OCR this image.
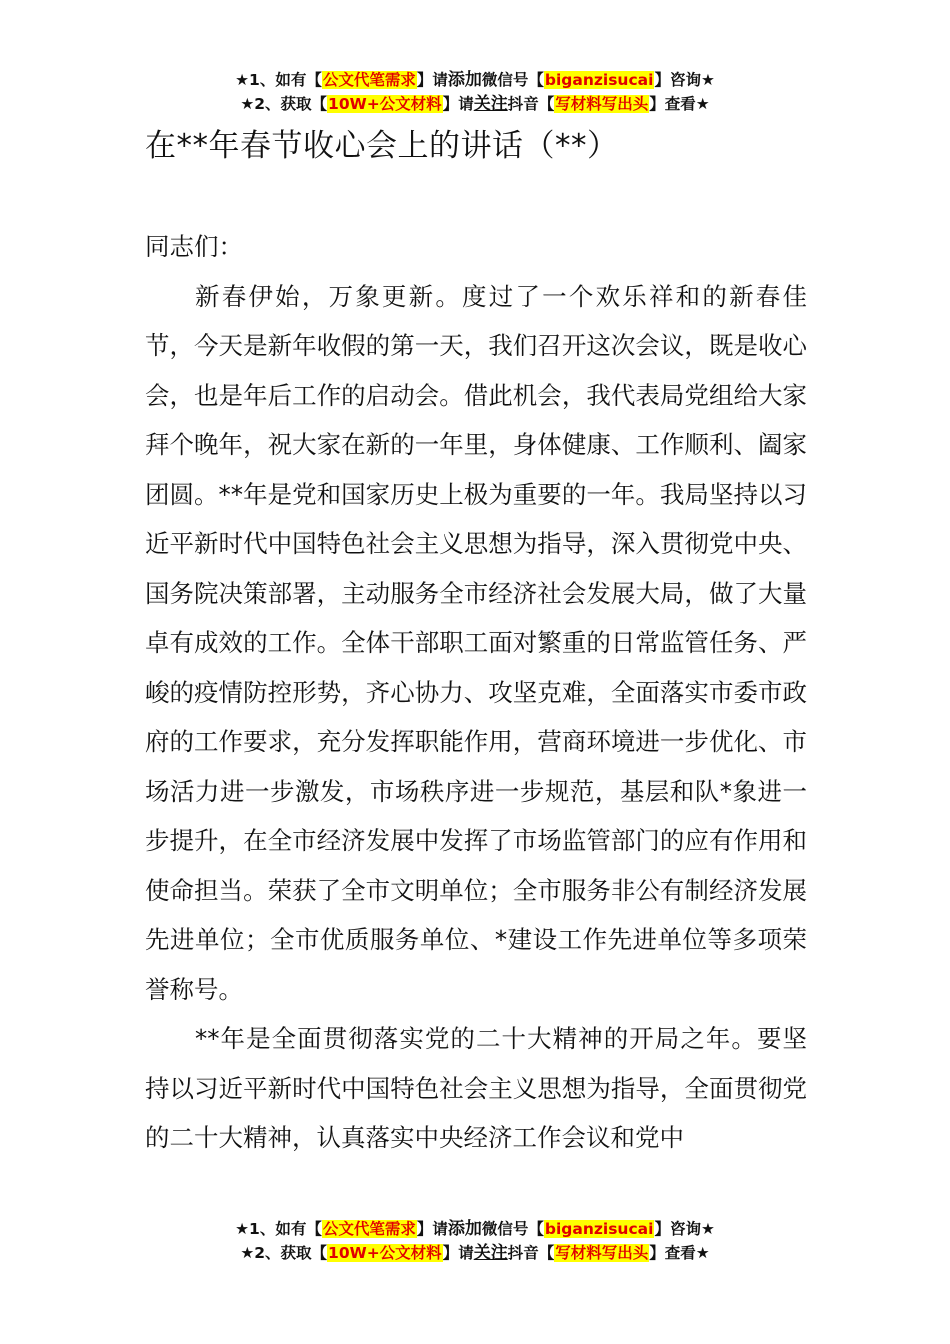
★1、如有【公文代笔需求】请添加微信号【biganzisucai】咨询★
★2、获取【10W+公文材料】请关注抖音【写材料写出头】查看★
在**年春节收心会上的讲话（**）

同志们：

新春伊始，万象更新。度过了一个欢乐祥和的新春佳节，今天是新年收假的第一天，我们召开这次会议，既是收心会，也是年后工作的启动会。借此机会，我代表局党组给大家拜个晚年，祝大家在新的一年里，身体健康、工作顺利、阖家团圆。**年是党和国家历史上极为重要的一年。我局坚持以习近平新时代中国特色社会主义思想为指导，深入贯彻党中央、国务院决策部署，主动服务全市经济社会发展大局，做了大量卓有成效的工作。全体干部职工面对繁重的日常监管任务、严峻的疫情防控形势，齐心协力、攻坚克难，全面落实市委市政府的工作要求，充分发挥职能作用，营商环境进一步优化、市场活力进一步激发，市场秩序进一步规范，基层和队*象进一步提升，在全市经济发展中发挥了市场监管部门的应有作用和使命担当。荣获了全市文明单位；全市服务非公有制经济发展先进单位；全市优质服务单位、*建设工作先进单位等多项荣誉称号。

**年是全面贯彻落实党的二十大精神的开局之年。要坚持以习近平新时代中国特色社会主义思想为指导，全面贯彻党的二十大精神，认真落实中央经济工作会议和党中

★1、如有【公文代笔需求】请添加微信号【biganzisucai】咨询★
★2、获取【10W+公文材料】请关注抖音【写材料写出头】查看★
